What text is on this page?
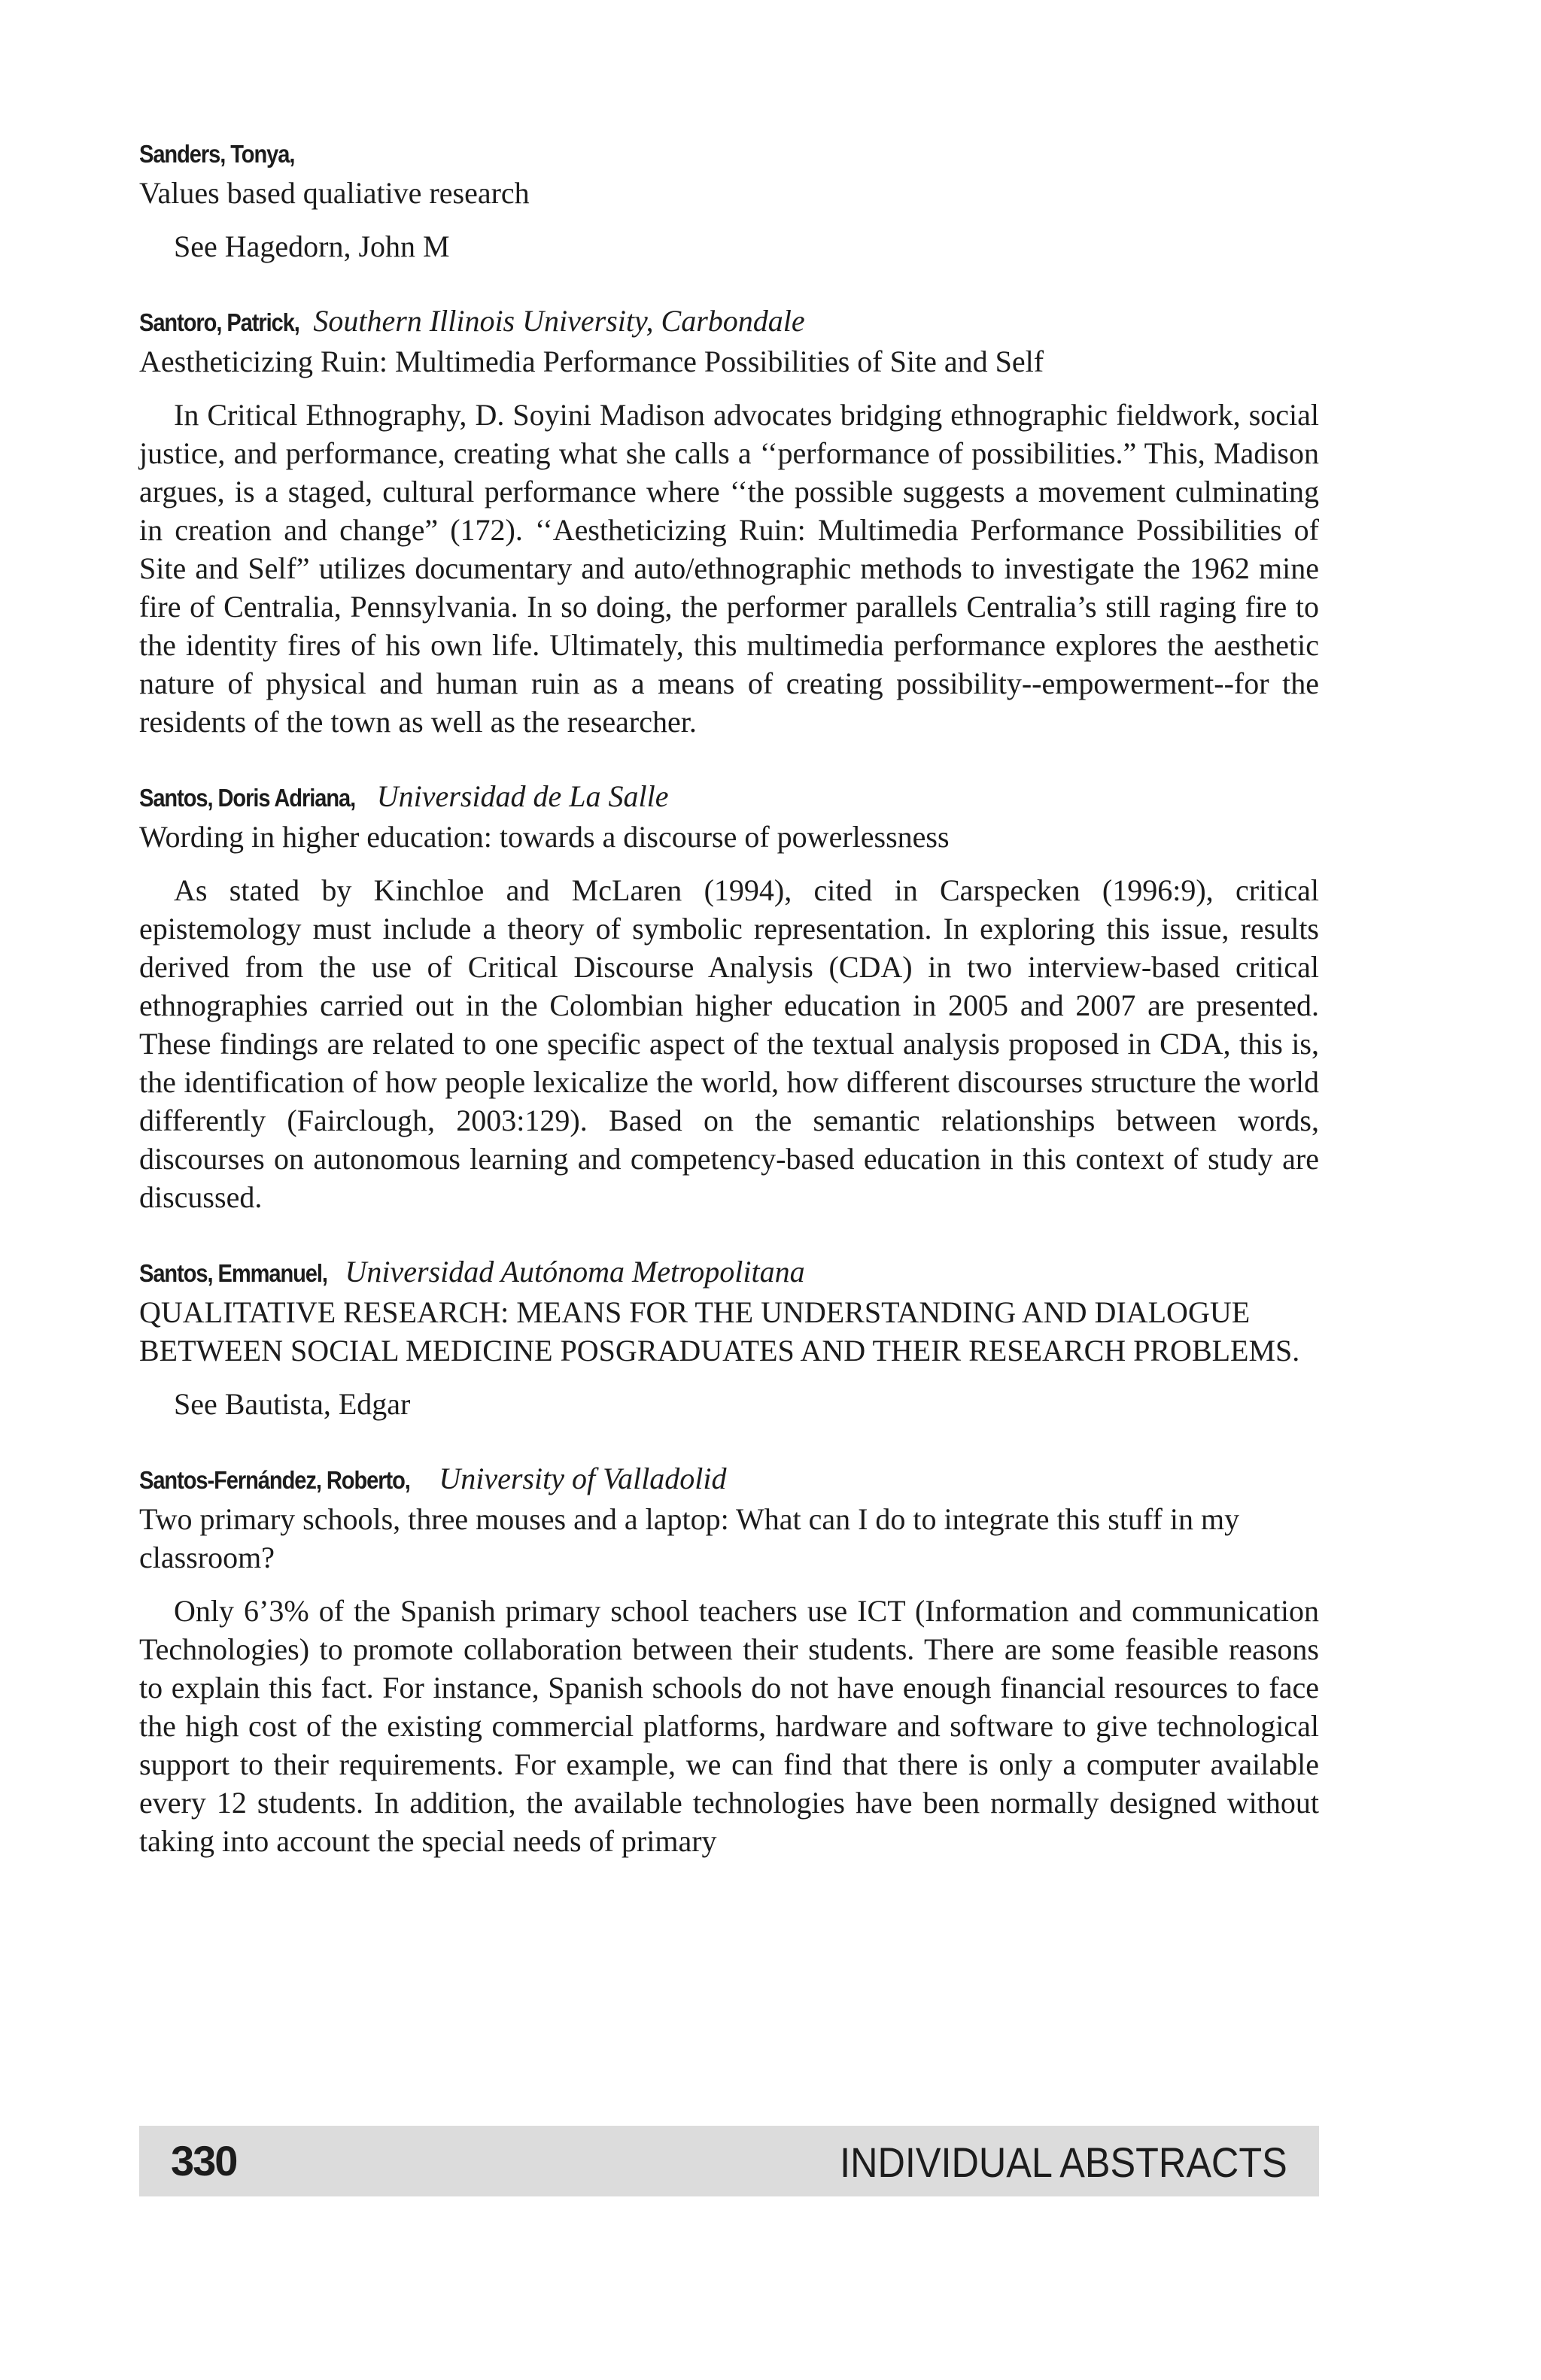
Sanders, Tonya,

Values based qualiative research

See Hagedorn, John M

Santoro, Patrick, Southern Illinois University, Carbondale

Aestheticizing Ruin: Multimedia Performance Possibilities of Site and Self

In Critical Ethnography, D. Soyini Madison advocates bridging ethnographic fieldwork, social justice, and performance, creating what she calls a ‘‘performance of possibilities.” This, Madison argues, is a staged, cultural performance where ‘‘the possible suggests a movement culminating in creation and change” (172). ‘‘Aestheticizing Ruin: Multimedia Performance Possibilities of Site and Self” utilizes documentary and auto/ethnographic methods to investigate the 1962 mine fire of Centralia, Pennsylvania. In so doing, the performer parallels Centralia’s still raging fire to the identity fires of his own life. Ultimately, this multimedia performance explores the aesthetic nature of physical and human ruin as a means of creating possibility--empowerment--for the residents of the town as well as the researcher.

Santos, Doris Adriana, Universidad de La Salle

Wording in higher education: towards a discourse of powerlessness

As stated by Kinchloe and McLaren (1994), cited in Carspecken (1996:9), critical epistemology must include a theory of symbolic representation. In exploring this issue, results derived from the use of Critical Discourse Analysis (CDA) in two interview-based critical ethnographies carried out in the Colombian higher education in 2005 and 2007 are presented. These findings are related to one specific aspect of the textual analysis proposed in CDA, this is, the identification of how people lexicalize the world, how different discourses structure the world differently (Fairclough, 2003:129). Based on the semantic relationships between words, discourses on autonomous learning and competency-based education in this context of study are discussed.

Santos, Emmanuel, Universidad Autónoma Metropolitana

QUALITATIVE RESEARCH: MEANS FOR THE UNDERSTANDING AND DIALOGUE BETWEEN SOCIAL MEDICINE POSGRADUATES AND THEIR RESEARCH PROBLEMS.

See Bautista, Edgar

Santos-Fernández, Roberto, University of Valladolid

Two primary schools, three mouses and a laptop: What can I do to integrate this stuff in my classroom?

Only 6’3% of the Spanish primary school teachers use ICT (Information and communication Technologies) to promote collaboration between their students. There are some feasible reasons to explain this fact. For instance, Spanish schools do not have enough financial resources to face the high cost of the existing commercial platforms, hardware and software to give technological support to their requirements. For example, we can find that there is only a computer available every 12 students. In addition, the available technologies have been normally designed without taking into account the special needs of primary

330	INDIVIDUAL ABSTRACTS
